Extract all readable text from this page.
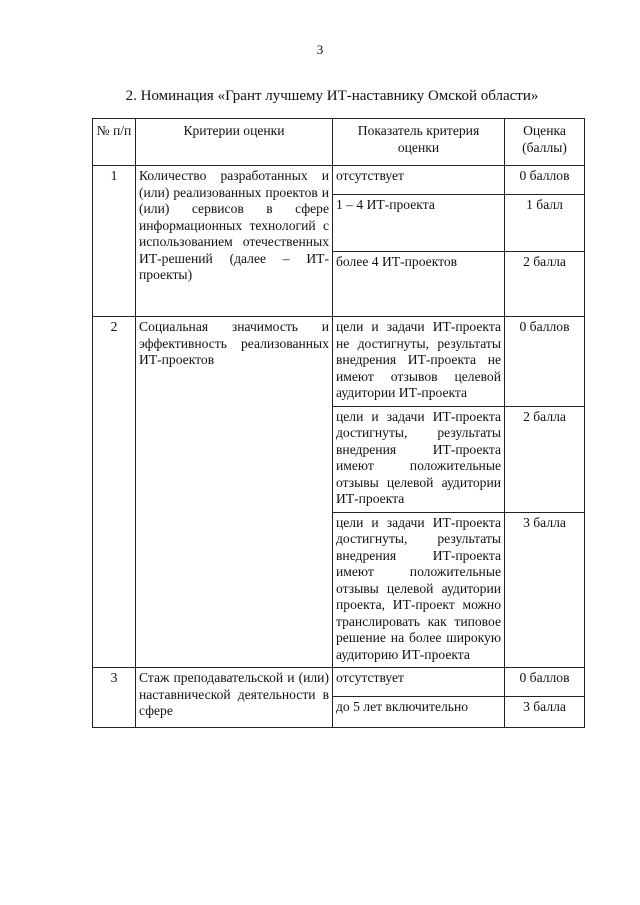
3
2. Номинация «Грант лучшему ИТ-наставнику Омской области»
№ п/п	Критерии оценки	Показатель критерия оценки	Оценка (баллы)
1	Количество разработанных и (или) реализованных проектов и (или) сервисов в сфере информационных технологий с использованием отечественных ИТ-решений (далее – ИТ-проекты)	отсутствует	0 баллов
		1 – 4 ИТ-проекта	1 балл
		более 4 ИТ-проектов	2 балла
2	Социальная значимость и эффективность реализованных ИТ-проектов	цели и задачи ИТ-проекта не достигнуты, результаты внедрения ИТ-проекта не имеют отзывов целевой аудитории ИТ-проекта	0 баллов
		цели и задачи ИТ-проекта достигнуты, результаты внедрения ИТ-проекта имеют положительные отзывы целевой аудитории ИТ-проекта	2 балла
		цели и задачи ИТ-проекта достигнуты, результаты внедрения ИТ-проекта имеют положительные отзывы целевой аудитории проекта, ИТ-проект можно транслировать как типовое решение на более широкую аудиторию ИТ-проекта	3 балла
3	Стаж преподавательской и (или) наставнической деятельности в сфере	отсутствует	0 баллов
		до 5 лет включительно	3 балла
